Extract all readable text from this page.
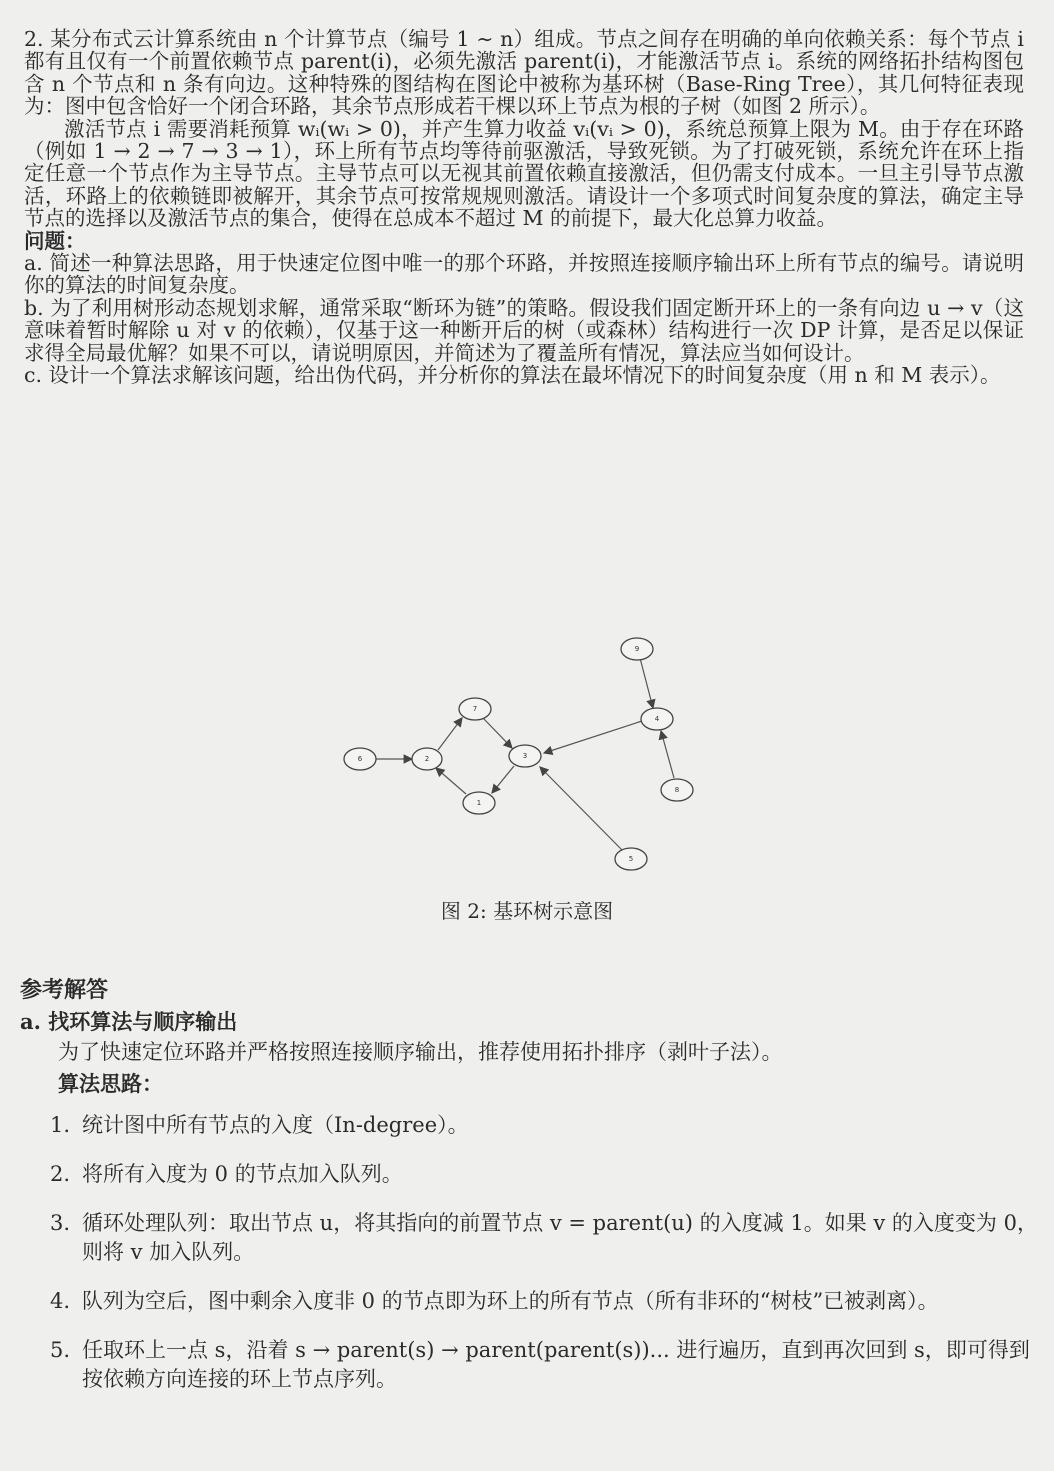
2. 某分布式云计算系统由 n 个计算节点（编号 1 ∼ n）组成。节点之间存在明确的单向依赖关系：每个节点 i 都有且仅有一个前置依赖节点 parent(i)，必须先激活 parent(i)，才能激活节点 i。系统的网络拓扑结构图包含 n 个节点和 n 条有向边。这种特殊的图结构在图论中被称为基环树（Base-Ring Tree），其几何特征表现为：图中包含恰好一个闭合环路，其余节点形成若干棵以环上节点为根的子树（如图 2 所示）。

激活节点 i 需要消耗预算 wᵢ(wᵢ > 0)，并产生算力收益 vᵢ(vᵢ > 0)，系统总预算上限为 M。由于存在环路（例如 1 → 2 → 7 → 3 → 1），环上所有节点均等待前驱激活，导致死锁。为了打破死锁，系统允许在环上指定任意一个节点作为主导节点。主导节点可以无视其前置依赖直接激活，但仍需支付成本。一旦主引导节点激活，环路上的依赖链即被解开，其余节点可按常规规则激活。请设计一个多项式时间复杂度的算法，确定主导节点的选择以及激活节点的集合，使得在总成本不超过 M 的前提下，最大化总算力收益。

问题：

a. 简述一种算法思路，用于快速定位图中唯一的那个环路，并按照连接顺序输出环上所有节点的编号。请说明你的算法的时间复杂度。

b. 为了利用树形动态规划求解，通常采取“断环为链”的策略。假设我们固定断开环上的一条有向边 u → v（这意味着暂时解除 u 对 v 的依赖），仅基于这一种断开后的树（或森林）结构进行一次 DP 计算，是否足以保证求得全局最优解？如果不可以，请说明原因，并简述为了覆盖所有情况，算法应当如何设计。

c. 设计一个算法求解该问题，给出伪代码，并分析你的算法在最坏情况下的时间复杂度（用 n 和 M 表示）。

6	2
7
3
1
4
9
8
5
图 2: 基环树示意图
参考解答
a. 找环算法与顺序输出
为了快速定位环路并严格按照连接顺序输出，推荐使用拓扑排序（剥叶子法）。
算法思路：
1. 统计图中所有节点的入度（In-degree）。
2. 将所有入度为 0 的节点加入队列。
3. 循环处理队列：取出节点 u，将其指向的前置节点 v = parent(u) 的入度减 1。如果 v 的入度变为 0，则将 v 加入队列。
4. 队列为空后，图中剩余入度非 0 的节点即为环上的所有节点（所有非环的“树枝”已被剥离）。
5. 任取环上一点 s，沿着 s → parent(s) → parent(parent(s))... 进行遍历，直到再次回到 s，即可得到按依赖方向连接的环上节点序列。
